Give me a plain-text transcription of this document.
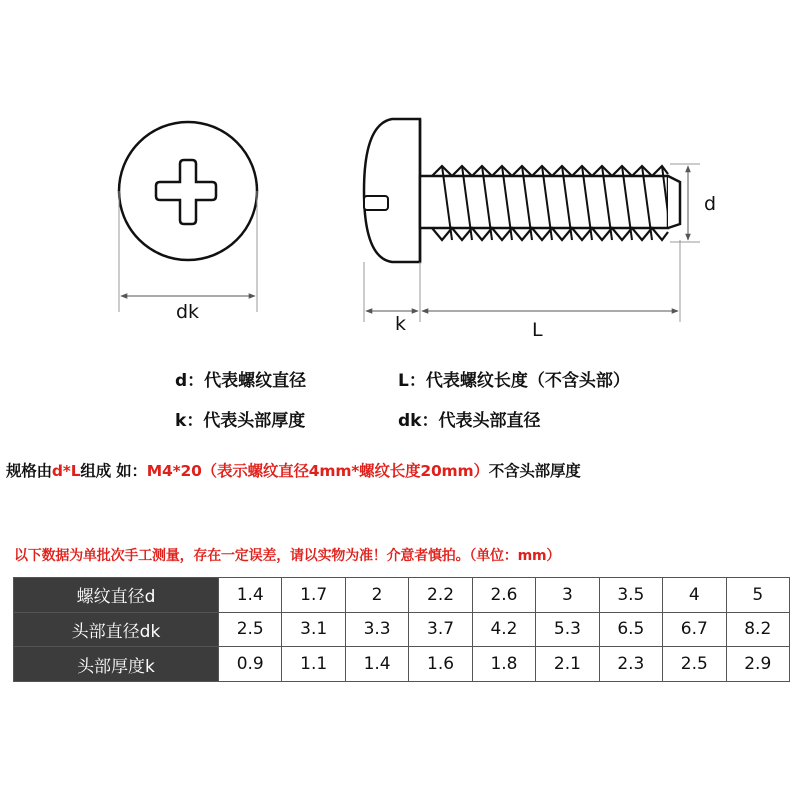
dk
k	L
d
d：代表螺纹直径	L：代表螺纹长度（不含头部）
k：代表头部厚度	dk：代表头部直径
规格由d*L组成 如：M4*20（表示螺纹直径4mm*螺纹长度20mm）不含头部厚度
以下数据为单批次手工测量，存在一定误差，请以实物为准！介意者慎拍。（单位：mm）
螺纹直径d	1.4	1.7	2	2.2	2.6	3	3.5	4	5
头部直径dk	2.5	3.1	3.3	3.7	4.2	5.3	6.5	6.7	8.2
头部厚度k	0.9	1.1	1.4	1.6	1.8	2.1	2.3	2.5	2.9
